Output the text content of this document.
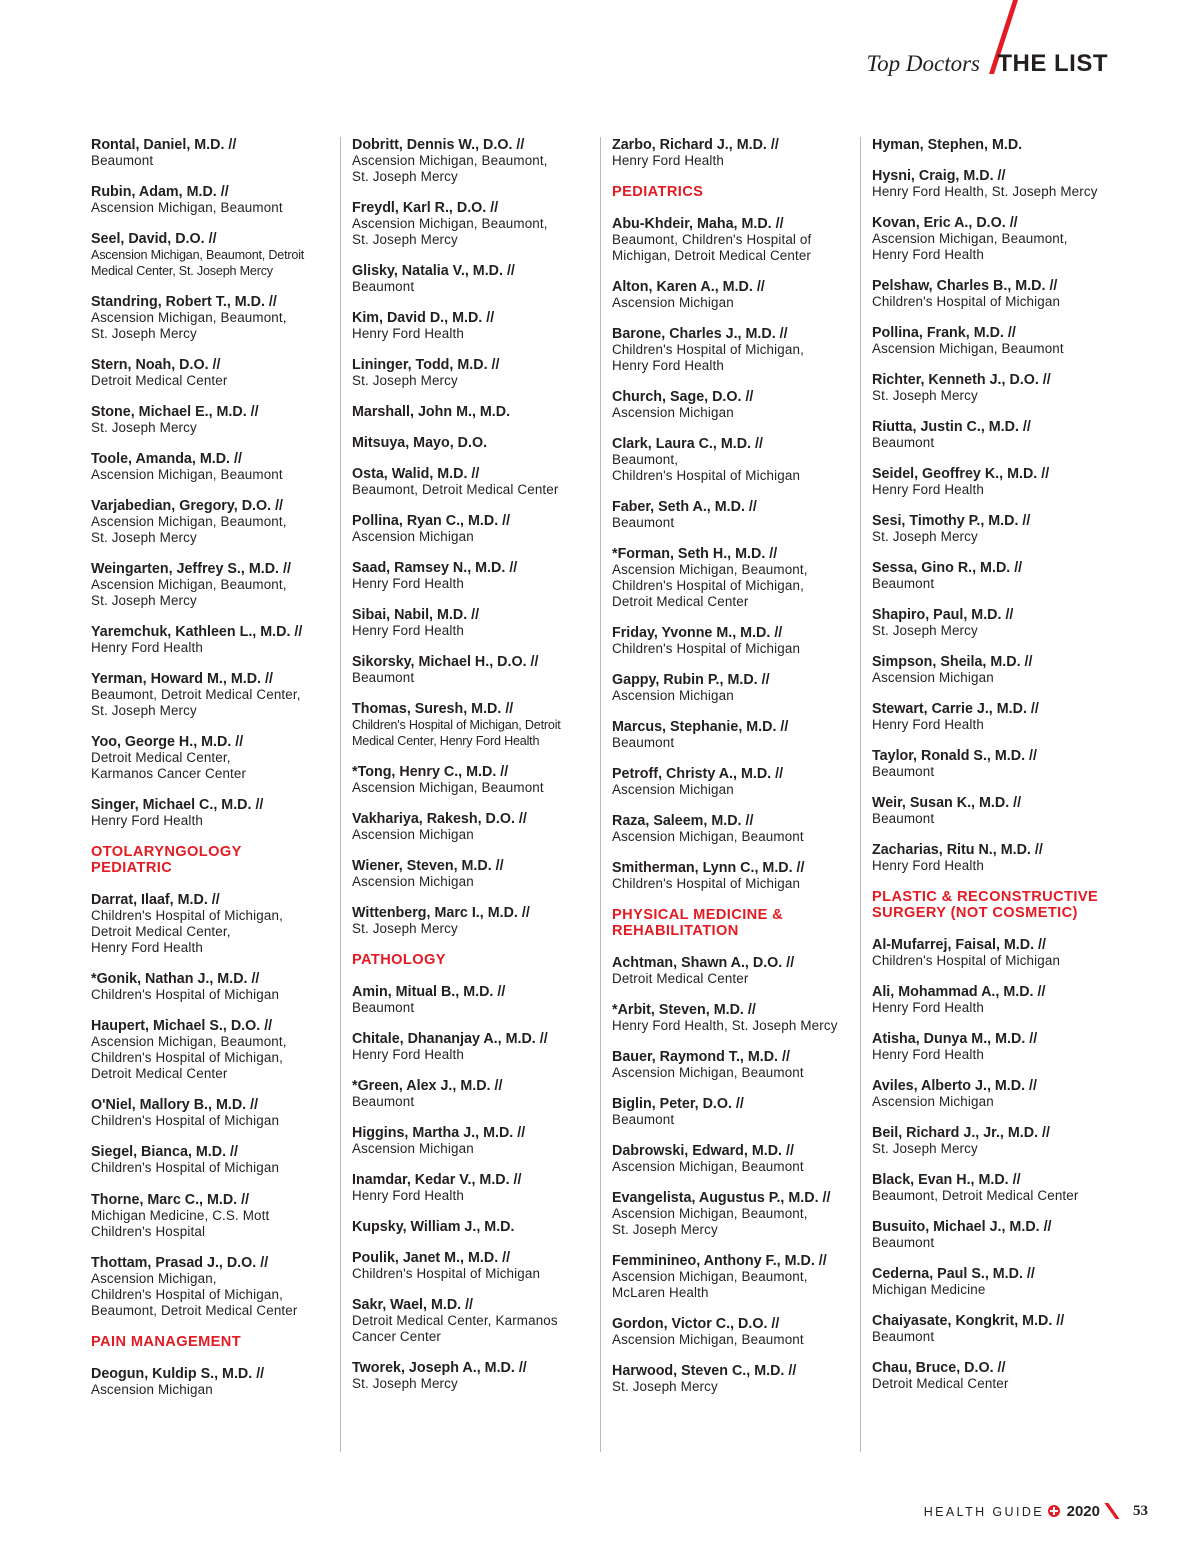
Top Doctors THE LIST
Rontal, Daniel, M.D. //
Beaumont
Rubin, Adam, M.D. //
Ascension Michigan, Beaumont
Seel, David, D.O. //
Ascension Michigan, Beaumont, Detroit
Medical Center, St. Joseph Mercy
Standring, Robert T., M.D. //
Ascension Michigan, Beaumont,
St. Joseph Mercy
Stern, Noah, D.O. //
Detroit Medical Center
Stone, Michael E., M.D. //
St. Joseph Mercy
Toole, Amanda, M.D. //
Ascension Michigan, Beaumont
Varjabedian, Gregory, D.O. //
Ascension Michigan, Beaumont,
St. Joseph Mercy
Weingarten, Jeffrey S., M.D. //
Ascension Michigan, Beaumont,
St. Joseph Mercy
Yaremchuk, Kathleen L., M.D. //
Henry Ford Health
Yerman, Howard M., M.D. //
Beaumont, Detroit Medical Center,
St. Joseph Mercy
Yoo, George H., M.D. //
Detroit Medical Center,
Karmanos Cancer Center
Singer, Michael C., M.D. //
Henry Ford Health
OTOLARYNGOLOGY
PEDIATRIC
Darrat, Ilaaf, M.D. //
Children's Hospital of Michigan,
Detroit Medical Center,
Henry Ford Health
*Gonik, Nathan J., M.D. //
Children's Hospital of Michigan
Haupert, Michael S., D.O. //
Ascension Michigan, Beaumont,
Children's Hospital of Michigan,
Detroit Medical Center
O'Niel, Mallory B., M.D. //
Children's Hospital of Michigan
Siegel, Bianca, M.D. //
Children's Hospital of Michigan
Thorne, Marc C., M.D. //
Michigan Medicine, C.S. Mott
Children's Hospital
Thottam, Prasad J., D.O. //
Ascension Michigan,
Children's Hospital of Michigan,
Beaumont, Detroit Medical Center
PAIN MANAGEMENT
Deogun, Kuldip S., M.D. //
Ascension Michigan
Dobritt, Dennis W., D.O. //
Ascension Michigan, Beaumont,
St. Joseph Mercy
Freydl, Karl R., D.O. //
Ascension Michigan, Beaumont,
St. Joseph Mercy
Glisky, Natalia V., M.D. //
Beaumont
Kim, David D., M.D. //
Henry Ford Health
Lininger, Todd, M.D. //
St. Joseph Mercy
Marshall, John M., M.D.
Mitsuya, Mayo, D.O.
Osta, Walid, M.D. //
Beaumont, Detroit Medical Center
Pollina, Ryan C., M.D. //
Ascension Michigan
Saad, Ramsey N., M.D. //
Henry Ford Health
Sibai, Nabil, M.D. //
Henry Ford Health
Sikorsky, Michael H., D.O. //
Beaumont
Thomas, Suresh, M.D. //
Children's Hospital of Michigan, Detroit
Medical Center, Henry Ford Health
*Tong, Henry C., M.D. //
Ascension Michigan, Beaumont
Vakhariya, Rakesh, D.O. //
Ascension Michigan
Wiener, Steven, M.D. //
Ascension Michigan
Wittenberg, Marc I., M.D. //
St. Joseph Mercy
PATHOLOGY
Amin, Mitual B., M.D. //
Beaumont
Chitale, Dhananjay A., M.D. //
Henry Ford Health
*Green, Alex J., M.D. //
Beaumont
Higgins, Martha J., M.D. //
Ascension Michigan
Inamdar, Kedar V., M.D. //
Henry Ford Health
Kupsky, William J., M.D.
Poulik, Janet M., M.D. //
Children's Hospital of Michigan
Sakr, Wael, M.D. //
Detroit Medical Center, Karmanos
Cancer Center
Tworek, Joseph A., M.D. //
St. Joseph Mercy
Zarbo, Richard J., M.D. //
Henry Ford Health
PEDIATRICS
Abu-Khdeir, Maha, M.D. //
Beaumont, Children's Hospital of
Michigan, Detroit Medical Center
Alton, Karen A., M.D. //
Ascension Michigan
Barone, Charles J., M.D. //
Children's Hospital of Michigan,
Henry Ford Health
Church, Sage, D.O. //
Ascension Michigan
Clark, Laura C., M.D. //
Beaumont,
Children's Hospital of Michigan
Faber, Seth A., M.D. //
Beaumont
*Forman, Seth H., M.D. //
Ascension Michigan, Beaumont,
Children's Hospital of Michigan,
Detroit Medical Center
Friday, Yvonne M., M.D. //
Children's Hospital of Michigan
Gappy, Rubin P., M.D. //
Ascension Michigan
Marcus, Stephanie, M.D. //
Beaumont
Petroff, Christy A., M.D. //
Ascension Michigan
Raza, Saleem, M.D. //
Ascension Michigan, Beaumont
Smitherman, Lynn C., M.D. //
Children's Hospital of Michigan
PHYSICAL MEDICINE &
REHABILITATION
Achtman, Shawn A., D.O. //
Detroit Medical Center
*Arbit, Steven, M.D. //
Henry Ford Health, St. Joseph Mercy
Bauer, Raymond T., M.D. //
Ascension Michigan, Beaumont
Biglin, Peter, D.O. //
Beaumont
Dabrowski, Edward, M.D. //
Ascension Michigan, Beaumont
Evangelista, Augustus P., M.D. //
Ascension Michigan, Beaumont,
St. Joseph Mercy
Femminineo, Anthony F., M.D. //
Ascension Michigan, Beaumont,
McLaren Health
Gordon, Victor C., D.O. //
Ascension Michigan, Beaumont
Harwood, Steven C., M.D. //
St. Joseph Mercy
Hyman, Stephen, M.D.
Hysni, Craig, M.D. //
Henry Ford Health, St. Joseph Mercy
Kovan, Eric A., D.O. //
Ascension Michigan, Beaumont,
Henry Ford Health
Pelshaw, Charles B., M.D. //
Children's Hospital of Michigan
Pollina, Frank, M.D. //
Ascension Michigan, Beaumont
Richter, Kenneth J., D.O. //
St. Joseph Mercy
Riutta, Justin C., M.D. //
Beaumont
Seidel, Geoffrey K., M.D. //
Henry Ford Health
Sesi, Timothy P., M.D. //
St. Joseph Mercy
Sessa, Gino R., M.D. //
Beaumont
Shapiro, Paul, M.D. //
St. Joseph Mercy
Simpson, Sheila, M.D. //
Ascension Michigan
Stewart, Carrie J., M.D. //
Henry Ford Health
Taylor, Ronald S., M.D. //
Beaumont
Weir, Susan K., M.D. //
Beaumont
Zacharias, Ritu N., M.D. //
Henry Ford Health
PLASTIC & RECONSTRUCTIVE
SURGERY (NOT COSMETIC)
Al-Mufarrej, Faisal, M.D. //
Children's Hospital of Michigan
Ali, Mohammad A., M.D. //
Henry Ford Health
Atisha, Dunya M., M.D. //
Henry Ford Health
Aviles, Alberto J., M.D. //
Ascension Michigan
Beil, Richard J., Jr., M.D. //
St. Joseph Mercy
Black, Evan H., M.D. //
Beaumont, Detroit Medical Center
Busuito, Michael J., M.D. //
Beaumont
Cederna, Paul S., M.D. //
Michigan Medicine
Chaiyasate, Kongkrit, M.D. //
Beaumont
Chau, Bruce, D.O. //
Detroit Medical Center
HEALTH GUIDE 2020 53
